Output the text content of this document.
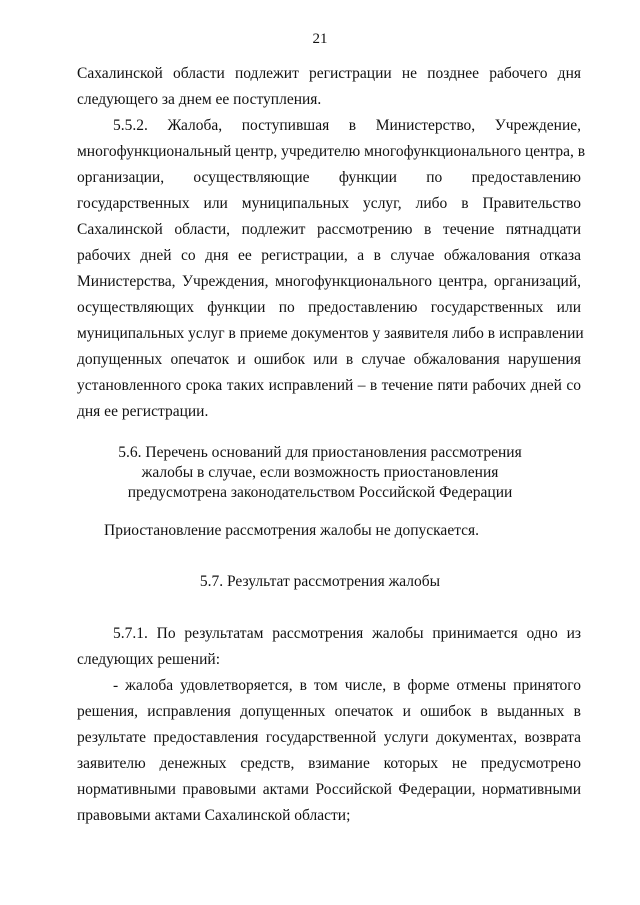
21
Сахалинской области подлежит регистрации не позднее рабочего дня
следующего за днем ее поступления.
5.5.2. Жалоба, поступившая в Министерство, Учреждение,
многофункциональный центр, учредителю многофункционального центра, в
организации, осуществляющие функции по предоставлению
государственных или муниципальных услуг, либо в Правительство
Сахалинской области, подлежит рассмотрению в течение пятнадцати
рабочих дней со дня ее регистрации, а в случае обжалования отказа
Министерства, Учреждения, многофункционального центра, организаций,
осуществляющих функции по предоставлению государственных или
муниципальных услуг в приеме документов у заявителя либо в исправлении
допущенных опечаток и ошибок или в случае обжалования нарушения
установленного срока таких исправлений – в течение пяти рабочих дней со
дня ее регистрации.
5.6. Перечень оснований для приостановления рассмотрения
жалобы в случае, если возможность приостановления
предусмотрена законодательством Российской Федерации
Приостановление рассмотрения жалобы не допускается.
5.7. Результат рассмотрения жалобы
5.7.1. По результатам рассмотрения жалобы принимается одно из
следующих решений:
- жалоба удовлетворяется, в том числе, в форме отмены принятого
решения, исправления допущенных опечаток и ошибок в выданных в
результате предоставления государственной услуги документах, возврата
заявителю денежных средств, взимание которых не предусмотрено
нормативными правовыми актами Российской Федерации, нормативными
правовыми актами Сахалинской области;
